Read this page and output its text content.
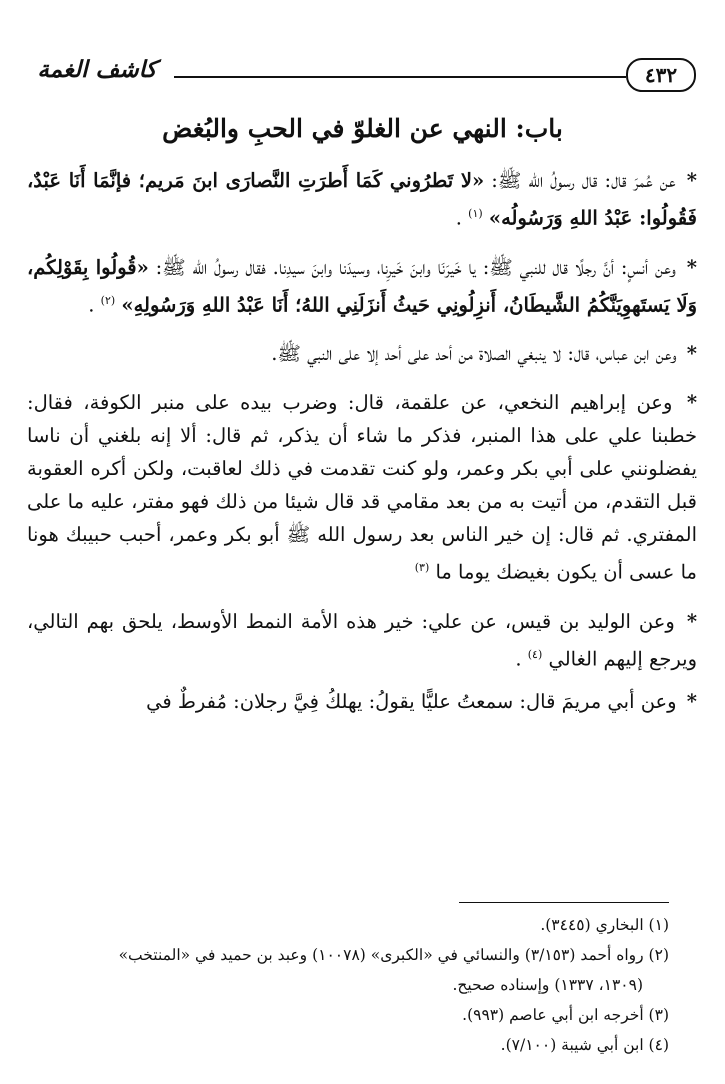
٤٣٢
كاشف الغمة
باب: النهي عن الغلوّ في الحبِ والبُغض

* عن عُمرَ قال: قال رسولُ الله ﷺ: «لا تَطرُوني كَمَا أَطرَتِ النَّصارَى ابنَ مَريم؛ فإنَّمَا أَنَا عَبْدٌ، فَقُولُوا: عَبْدُ اللهِ وَرَسُولُه» $^{(١)}$ .

* وعن أنسٍ: أنَّ رجلًا قال للنبي ﷺ: يا خَيرَنَا وابنَ خَيرِنا، وسيدَنا وابنَ سيدِنا. فقال رسولُ الله ﷺ: «قُولُوا بِقَوْلِكُم، وَلَا يَستَهوِيَنَّكُمُ الشَّيطَانُ، أَنزِلُونِي حَيثُ أَنزَلَنِي اللهُ؛ أَنَا عَبْدُ اللهِ وَرَسُولِهِ» $^{(٢)}$ .

* وعن ابن عباس، قال: لا ينبغي الصلاة من أحد على أحد إلا على النبي ﷺ.

* وعن إبراهيم النخعي، عن علقمة، قال: وضرب بيده على منبر الكوفة، فقال: خطبنا علي على هذا المنبر، فذكر ما شاء أن يذكر، ثم قال: ألا إنه بلغني أن ناسا يفضلونني على أبي بكر وعمر، ولو كنت تقدمت في ذلك لعاقبت، ولكن أكره العقوبة قبل التقدم، من أتيت به من بعد مقامي قد قال شيئا من ذلك فهو مفتر، عليه ما على المفتري. ثم قال: إن خير الناس بعد رسول الله ﷺ أبو بكر وعمر، أحبب حبيبك هونا ما عسى أن يكون بغيضك يوما ما $^{(٣)}$

* وعن الوليد بن قيس، عن علي: خير هذه الأمة النمط الأوسط، يلحق بهم التالي، ويرجع إليهم الغالي $^{(٤)}$ .

* وعن أبي مريمَ قال: سمعتُ عليًّا يقولُ: يهلكُ فِيَّ رجلان: مُفرطٌ في

(١) البخاري (٣٤٤٥).

(٢) رواه أحمد (٣/١٥٣) والنسائي في «الكبرى» (١٠٠٧٨) وعبد بن حميد في «المنتخب»

(١٣٠٩، ١٣٣٧) وإسناده صحيح.

(٣) أخرجه ابن أبي عاصم (٩٩٣).

(٤) ابن أبي شيبة (٧/١٠٠).
